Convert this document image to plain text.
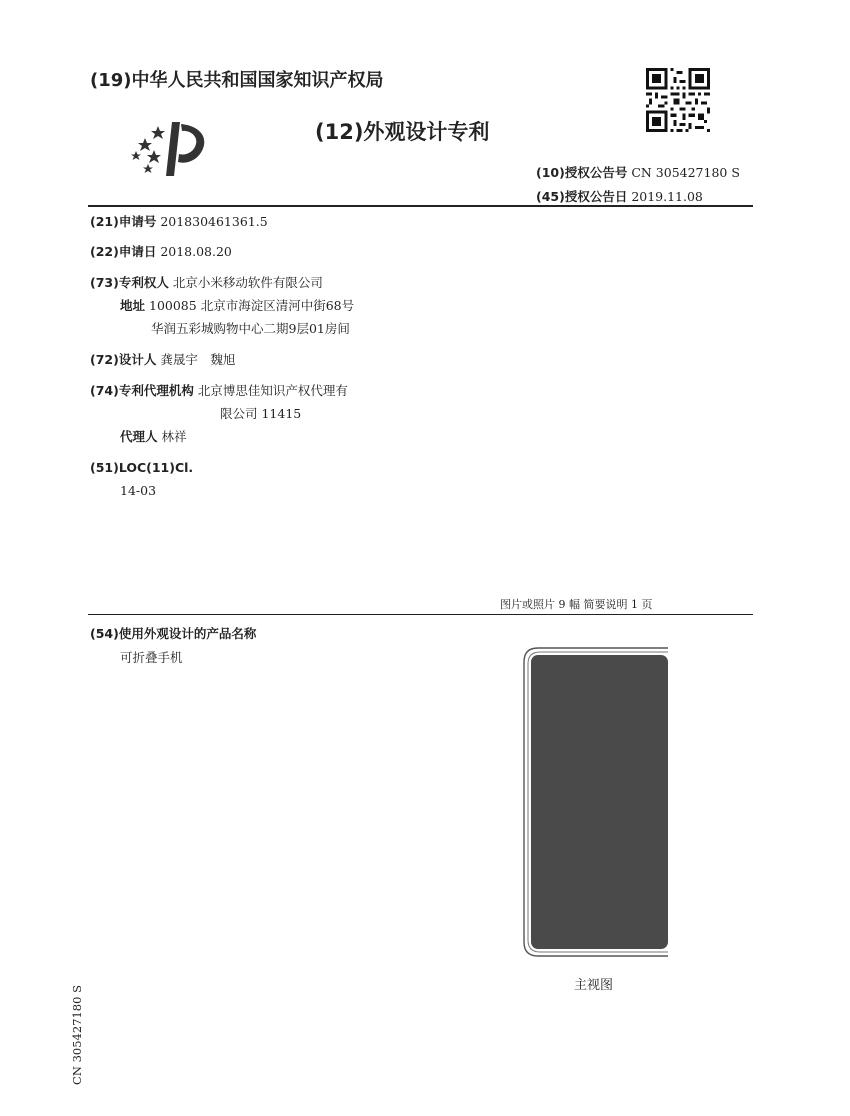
(19)中华人民共和国国家知识产权局
(12)外观设计专利
(10)授权公告号 CN 305427180 S
(45)授权公告日 2019.11.08
(21)申请号 201830461361.5
(22)申请日 2018.08.20
(73)专利权人 北京小米移动软件有限公司
地址 100085 北京市海淀区清河中街68号
华润五彩城购物中心二期9层01房间
(72)设计人 龚晟宇　魏旭
(74)专利代理机构 北京博思佳知识产权代理有
限公司 11415
代理人 林祥
(51)LOC(11)Cl.
14-03
图片或照片 9 幅 简要说明 1 页
(54)使用外观设计的产品名称
可折叠手机
主视图
CN 305427180 S
